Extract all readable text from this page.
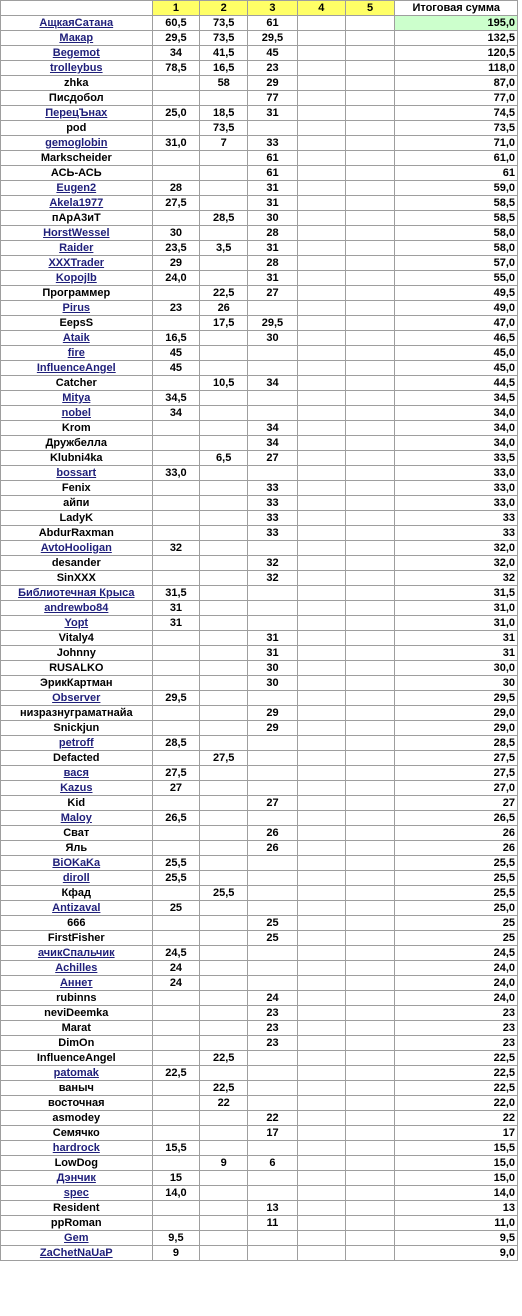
	1	2	3	4	5	Итоговая сумма
АщкаяСатана	60,5	73,5	61			195,0
Макар	29,5	73,5	29,5			132,5
Begemot	34	41,5	45			120,5
trolleybus	78,5	16,5	23			118,0
zhka		58	29			87,0
Писдобол			77			77,0
ПерецЪнах	25,0	18,5	31			74,5
pod		73,5				73,5
gemoglobin	31,0	7	33			71,0
Markscheider			61			61,0
АСЬ-АСЬ			61			61
Eugen2	28		31			59,0
Akela1977	27,5		31			58,5
пАрА3иТ		28,5	30			58,5
HorstWessel	30		28			58,0
Raider	23,5	3,5	31			58,0
XXXTrader	29		28			57,0
Kopojlb	24,0		31			55,0
Программер		22,5	27			49,5
Pirus	23	26				49,0
EepsS		17,5	29,5			47,0
Ataik	16,5		30			46,5
fire	45					45,0
InfluenceAngel	45					45,0
Catcher		10,5	34			44,5
Mitya	34,5					34,5
nobel	34					34,0
Krom			34			34,0
Дружбелла			34			34,0
Klubni4ka		6,5	27			33,5
bossart	33,0					33,0
Fenix			33			33,0
айпи			33			33,0
LadyK			33			33
AbdurRaxman			33			33
AvtoHooligan	32					32,0
desander			32			32,0
SinXXX			32			32
Библиотечная Крыса	31,5					31,5
andrewbo84	31					31,0
Yopt	31					31,0
Vitaly4			31			31
Johnny			31			31
RUSALKO			30			30,0
ЭрикКартман			30			30
Observer	29,5					29,5
низразнуграматнайа			29			29,0
Snickjun			29			29,0
petroff	28,5					28,5
Defacted		27,5				27,5
вася	27,5					27,5
Kazus	27					27,0
Kid			27			27
Maloy	26,5					26,5
Сват			26			26
Яль			26			26
BiOKaKa	25,5					25,5
diroll	25,5					25,5
Кфад		25,5				25,5
Antizaval	25					25,0
666			25			25
FirstFisher			25			25
ачикСпальчик	24,5					24,5
Achilles	24					24,0
Аннет	24					24,0
rubinns			24			24,0
neviDeemka			23			23
Marat			23			23
DimOn			23			23
InfluenceAngel		22,5				22,5
patomak	22,5					22,5
ваныч		22,5				22,5
восточная		22				22,0
asmodey			22			22
Семячко			17			17
hardrock	15,5					15,5
LowDog		9	6			15,0
Дэнчик	15					15,0
spec	14,0					14,0
Resident			13			13
ppRoman			11			11,0
Gem	9,5					9,5
ZaChetNaUaP	9					9,0
